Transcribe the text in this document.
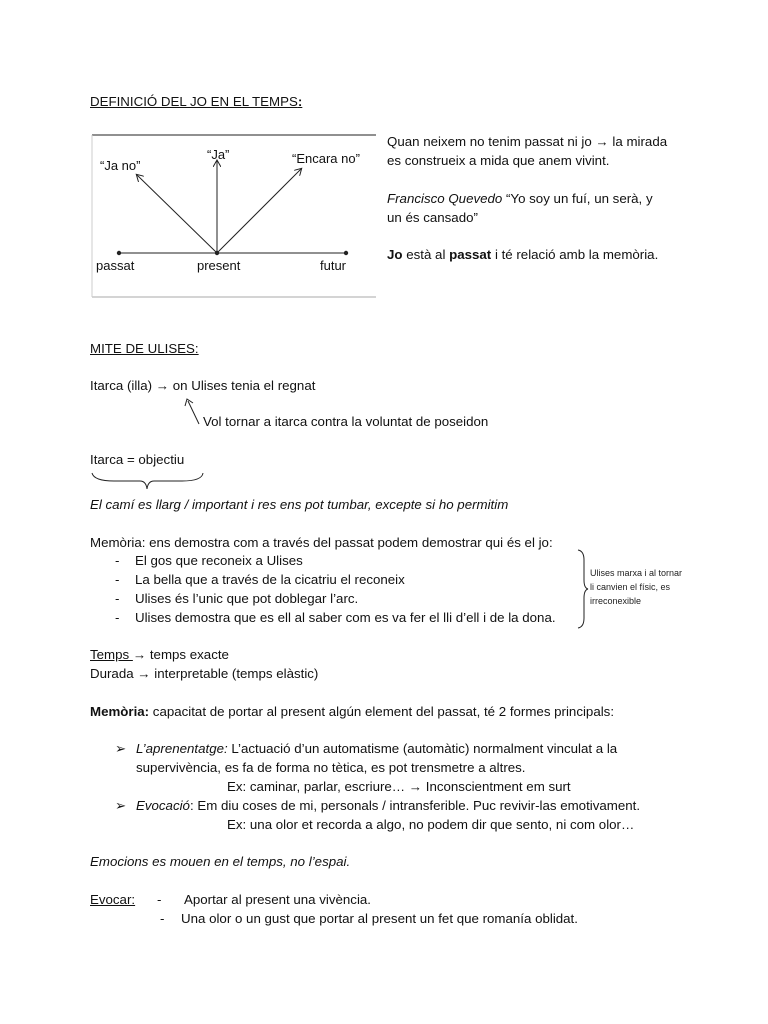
DEFINICIÓ DEL JO EN EL TEMPS:
“Ja no”
“Ja”	“Encara no”
passat	present	futur
Quan neixem no tenim passat ni jo → la mirada
es construeix a mida que anem vivint.
Francisco Quevedo “Yo soy un fuí, un serà, y
un és cansado”
Jo està al passat i té relació amb la memòria.
MITE DE ULISES:
Itarca (illa) → on Ulises tenia el regnat
Vol tornar a itarca contra la voluntat de poseidon
Itarca = objectiu
El camí es llarg / important i res ens pot tumbar, excepte si ho permitim
Memòria: ens demostra com a través del passat podem demostrar qui és el jo:
- El gos que reconeix a Ulises
- La bella que a través de la cicatriu el reconeix
- Ulises és l’unic que pot doblegar l’arc.
- Ulises demostra que es ell al saber com es va fer el lli d’ell i de la dona.
Ulises marxa i al tornar
li canvien el físic, es
irreconexible
Temps → temps exacte
Durada → interpretable (temps elàstic)
Memòria: capacitat de portar al present algún element del passat, té 2 formes principals:
➢ L’aprenentatge: L’actuació d’un automatisme (automàtic) normalment vinculat a la
supervivència, es fa de forma no tètica, es pot trensmetre a altres.
Ex: caminar, parlar, escriure… → Inconscientment em surt
➢ Evocació: Em diu coses de mi, personals / intransferible. Puc revivir-las emotivament.
Ex: una olor et recorda a algo, no podem dir que sento, ni com olor…
Emocions es mouen en el temps, no l’espai.
Evocar: - Aportar al present una vivència.
- Una olor o un gust que portar al present un fet que romanía oblidat.
